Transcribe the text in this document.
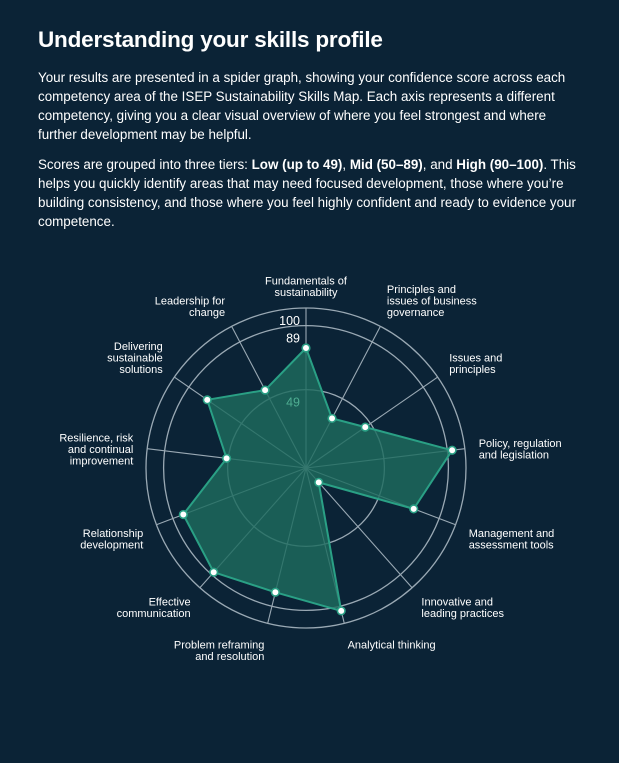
Understanding your skills profile

Your results are presented in a spider graph, showing your confidence score across each competency area of the ISEP Sustainability Skills Map. Each axis represents a different competency, giving you a clear visual overview of where you feel strongest and where further development may be helpful.

Scores are grouped into three tiers: Low (up to 49), Mid (50–89), and High (90–100). This helps you quickly identify areas that may need focused development, those where you’re building consistency, and those where you feel highly confident and ready to evidence your competence.

49
89
100
Fundamentals of sustainability	Principles and issues of business governance
Issues and principles
Policy, regulation and legislation
Management and assessment tools
Innovative and leading practices
Analytical thinking
Problem reframing and resolution
Effective communication
Relationship development
Resilience, risk and continual improvement
Delivering sustainable solutions
Leadership for change
